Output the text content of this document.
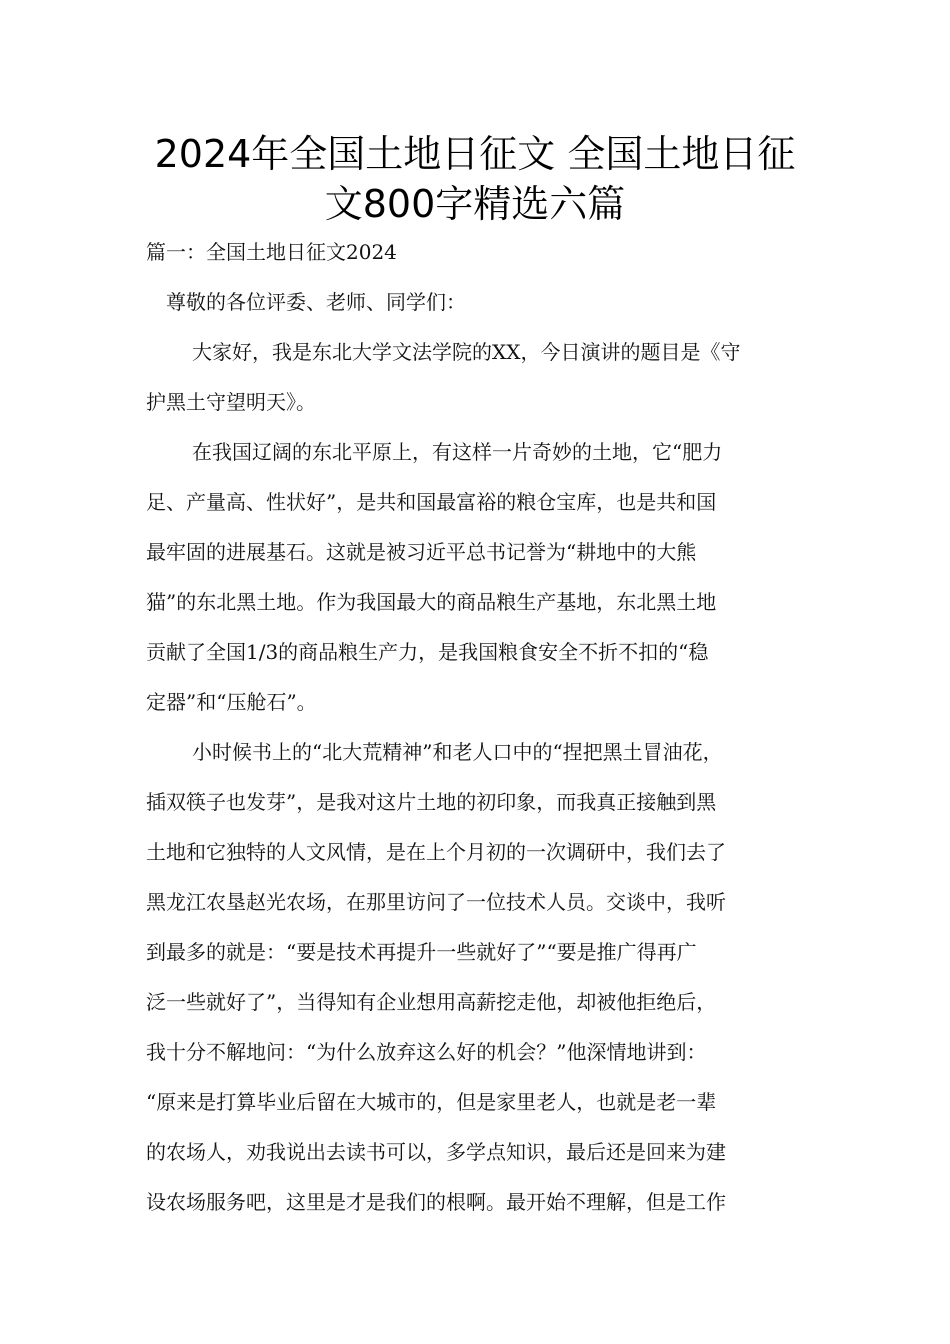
2024年全国土地日征文 全国土地日征
文800字精选六篇
篇一：全国土地日征文2024
尊敬的各位评委、老师、同学们：
大家好，我是东北大学文法学院的XX，今日演讲的题目是《守
护黑土守望明天》。
在我国辽阔的东北平原上，有这样一片奇妙的土地，它“肥力
足、产量高、性状好”，是共和国最富裕的粮仓宝库，也是共和国
最牢固的进展基石。这就是被习近平总书记誉为“耕地中的大熊
猫”的东北黑土地。作为我国最大的商品粮生产基地，东北黑土地
贡献了全国1/3的商品粮生产力，是我国粮食安全不折不扣的“稳
定器”和“压舱石”。
小时候书上的“北大荒精神”和老人口中的“捏把黑土冒油花，
插双筷子也发芽”，是我对这片土地的初印象，而我真正接触到黑
土地和它独特的人文风情，是在上个月初的一次调研中，我们去了
黑龙江农垦赵光农场，在那里访问了一位技术人员。交谈中，我听
到最多的就是：“要是技术再提升一些就好了”“要是推广得再广
泛一些就好了”，当得知有企业想用高薪挖走他，却被他拒绝后，
我十分不解地问：“为什么放弃这么好的机会？”他深情地讲到：
“原来是打算毕业后留在大城市的，但是家里老人，也就是老一辈
的农场人，劝我说出去读书可以，多学点知识，最后还是回来为建
设农场服务吧，这里是才是我们的根啊。最开始不理解，但是工作
